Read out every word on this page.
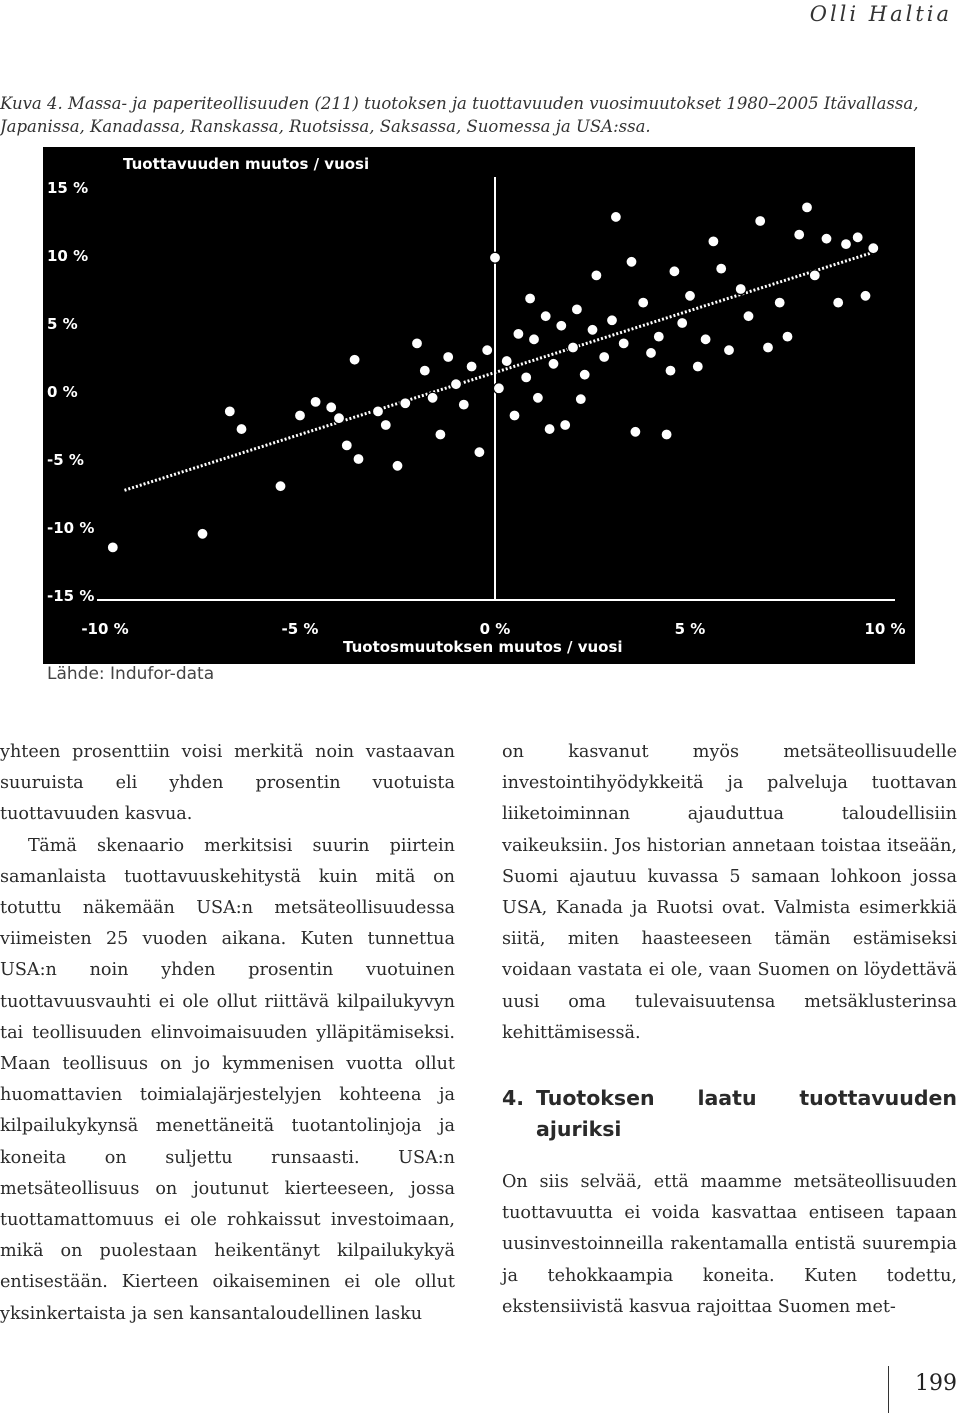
Olli Haltia
Kuva 4. Massa- ja paperiteollisuuden (211) tuotoksen ja tuottavuuden vuosimuutokset 1980–2005 Itävallassa, Japanissa, Kanadassa, Ranskassa, Ruotsissa, Saksassa, Suomessa ja USA:ssa.
Tuottavuuden muutos / vuosi
Tuotosmuutoksen muutos / vuosi
15 %
10 %
5 %
0 %
-5 %
-10 %
-15 %
-10 %	-5 %	0 %	5 %	10 %
Lähde: Indufor-data

yhteen prosenttiin voisi merkitä noin vastaavan suuruista eli yhden prosentin vuotuista tuottavuuden kasvua.

Tämä skenaario merkitsisi suurin piirtein samanlaista tuottavuuskehitystä kuin mitä on totuttu näkemään USA:n metsäteollisuudessa viimeisten 25 vuoden aikana. Kuten tunnettua USA:n noin yhden prosentin vuotuinen tuottavuusvauhti ei ole ollut riittävä kilpailukyvyn tai teollisuuden elinvoimaisuuden ylläpitämiseksi. Maan teollisuus on jo kymmenisen vuotta ollut huomattavien toimialajärjestelyjen kohteena ja kilpailukykynsä menettäneitä tuotantolinjoja ja koneita on suljettu runsaasti. USA:n metsäteollisuus on joutunut kierteeseen, jossa tuottamattomuus ei ole rohkaissut investoimaan, mikä on puolestaan heikentänyt kilpailukykyä entisestään. Kierteen oikaiseminen ei ole ollut yksinkertaista ja sen kansantaloudellinen lasku

on kasvanut myös metsäteollisuudelle investointihyödykkeitä ja palveluja tuottavan liiketoiminnan ajauduttua taloudellisiin vaikeuksiin. Jos historian annetaan toistaa itseään, Suomi ajautuu kuvassa 5 samaan lohkoon jossa USA, Kanada ja Ruotsi ovat. Valmista esimerkkiä siitä, miten haasteeseen tämän estämiseksi voidaan vastata ei ole, vaan Suomen on löydettävä uusi oma tulevaisuutensa metsäklusterinsa kehittämisessä.

4. Tuotoksen laatu tuottavuuden ajuriksi

On siis selvää, että maamme metsäteollisuuden tuottavuutta ei voida kasvattaa entiseen tapaan uusinvestoinneilla rakentamalla entistä suurempia ja tehokkaampia koneita. Kuten todettu, ekstensiivistä kasvua rajoittaa Suomen met-

199
